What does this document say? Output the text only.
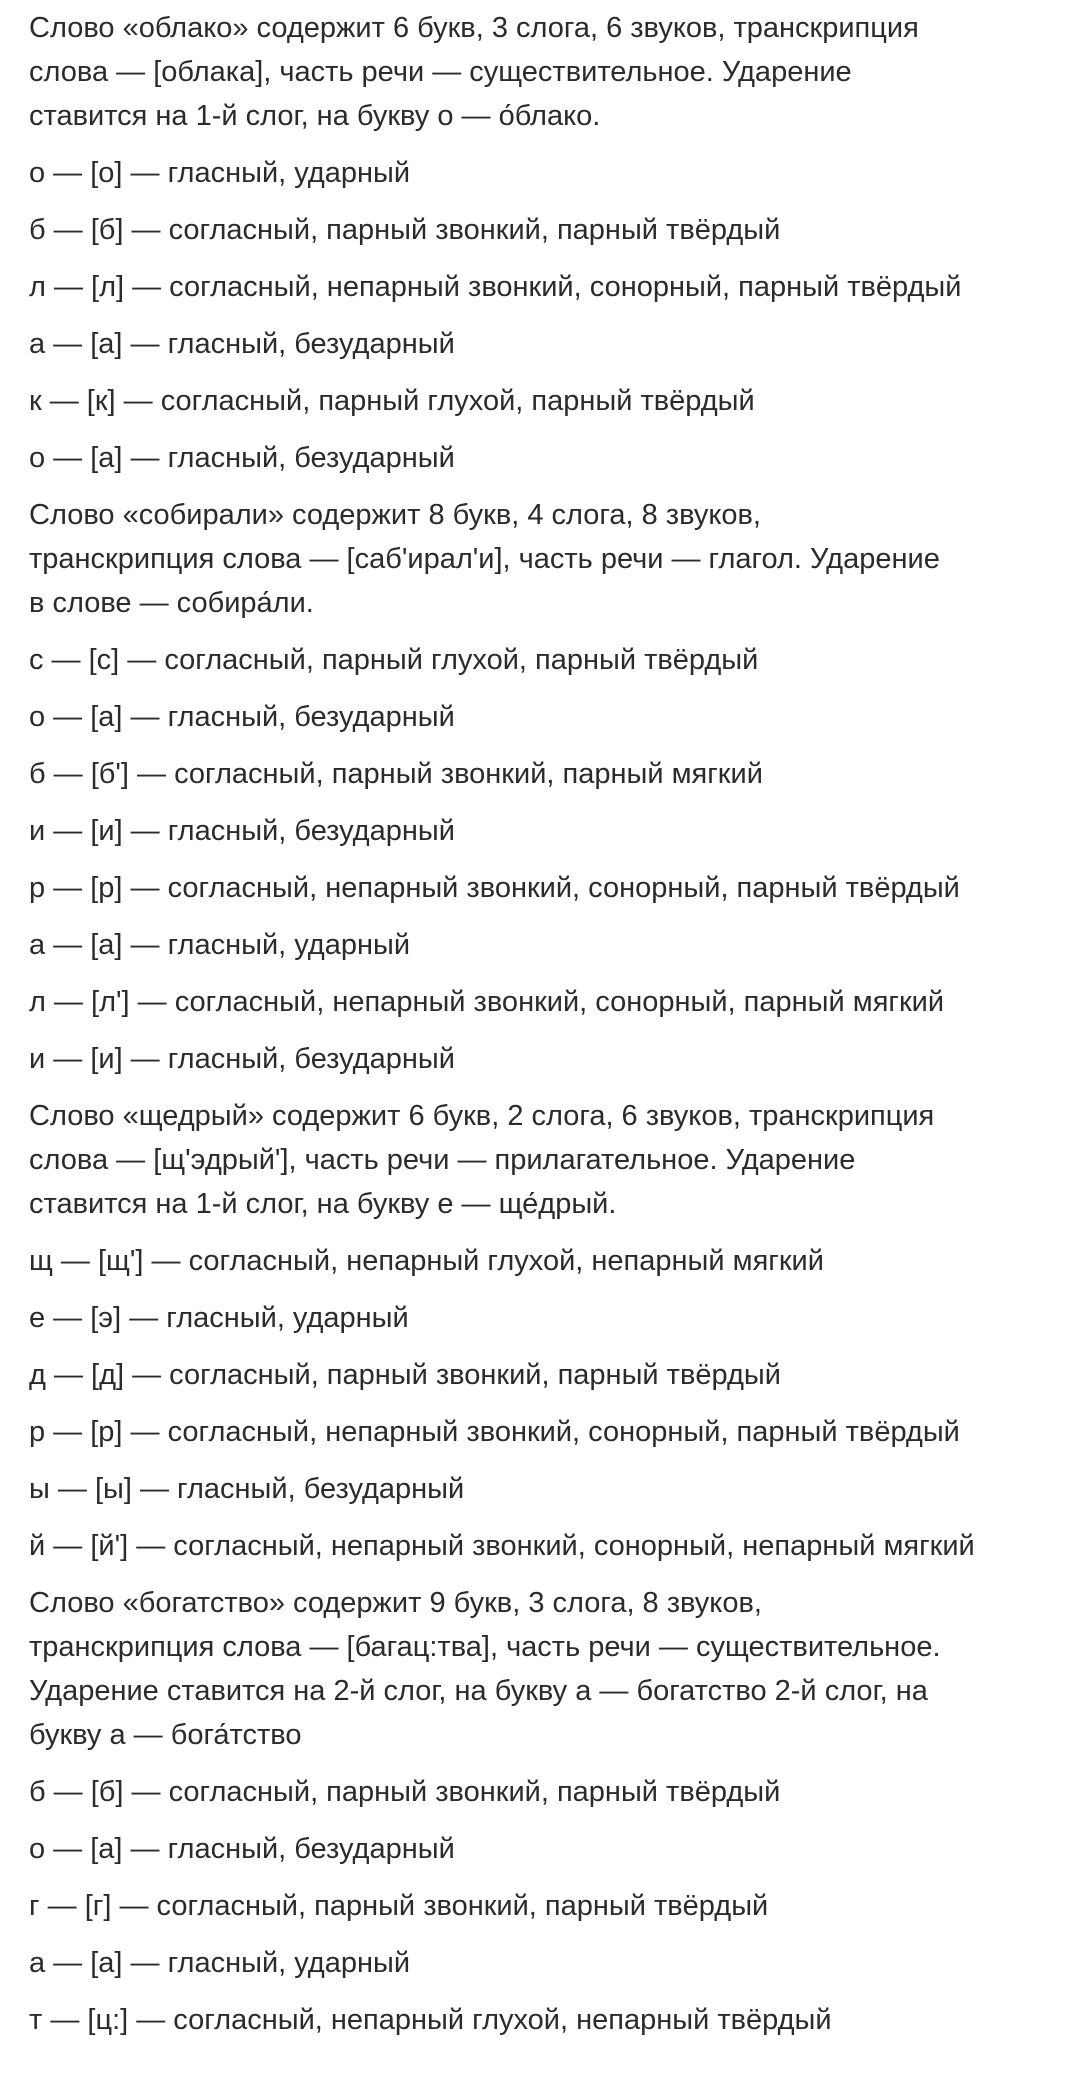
Слово «облако» содержит 6 букв, 3 слога, 6 звуков, транскрипция
слова — [облака], часть речи — существительное. Ударение
ставится на 1-й слог, на букву о — о́блако.
о — [о] — гласный, ударный
б — [б] — согласный, парный звонкий, парный твёрдый
л — [л] — согласный, непарный звонкий, сонорный, парный твёрдый
а — [а] — гласный, безударный
к — [к] — согласный, парный глухой, парный твёрдый
о — [а] — гласный, безударный
Слово «собирали» содержит 8 букв, 4 слога, 8 звуков,
транскрипция слова — [саб'ирал'и], часть речи — глагол. Ударение
в слове — собира́ли.
с — [с] — согласный, парный глухой, парный твёрдый
о — [а] — гласный, безударный
б — [б'] — согласный, парный звонкий, парный мягкий
и — [и] — гласный, безударный
р — [р] — согласный, непарный звонкий, сонорный, парный твёрдый
а — [а] — гласный, ударный
л — [л'] — согласный, непарный звонкий, сонорный, парный мягкий
и — [и] — гласный, безударный
Слово «щедрый» содержит 6 букв, 2 слога, 6 звуков, транскрипция
слова — [щ'эдрый'], часть речи — прилагательное. Ударение
ставится на 1-й слог, на букву е — ще́дрый.
щ — [щ'] — согласный, непарный глухой, непарный мягкий
е — [э] — гласный, ударный
д — [д] — согласный, парный звонкий, парный твёрдый
р — [р] — согласный, непарный звонкий, сонорный, парный твёрдый
ы — [ы] — гласный, безударный
й — [й'] — согласный, непарный звонкий, сонорный, непарный мягкий
Слово «богатство» содержит 9 букв, 3 слога, 8 звуков,
транскрипция слова — [багац:тва], часть речи — существительное.
Ударение ставится на 2-й слог, на букву а — богатство 2-й слог, на
букву а — бога́тство
б — [б] — согласный, парный звонкий, парный твёрдый
о — [а] — гласный, безударный
г — [г] — согласный, парный звонкий, парный твёрдый
а — [а] — гласный, ударный
т — [ц:] — согласный, непарный глухой, непарный твёрдый
